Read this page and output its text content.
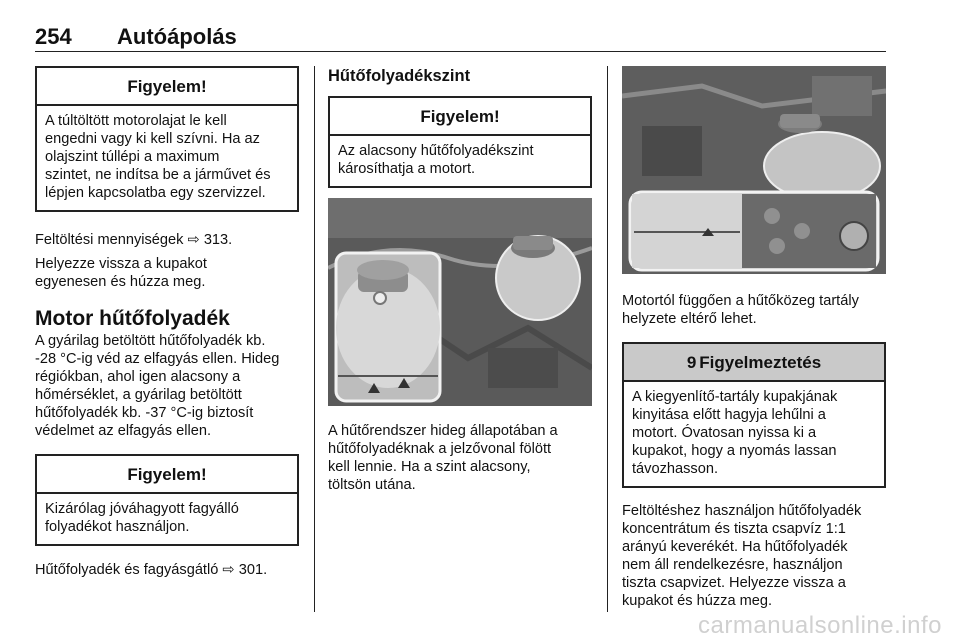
254 Autóápolás
Figyelem!
A túltöltött motorolajat le kell
engedni vagy ki kell szívni. Ha az
olajszint túllépi a maximum
szintet, ne indítsa be a járművet és
lépjen kapcsolatba egy szervizzel.

Feltöltési mennyiségek ⇨ 313.

Helyezze vissza a kupakot
egyenesen és húzza meg.
Motor hűtőfolyadék
A gyárilag betöltött hűtőfolyadék kb.
-28 °C-ig véd az elfagyás ellen. Hideg
régiókban, ahol igen alacsony a
hőmérséklet, a gyárilag betöltött
hűtőfolyadék kb. -37 °C-ig biztosít
védelmet az elfagyás ellen.
Figyelem!
Kizárólag jóváhagyott fagyálló
folyadékot használjon.

Hűtőfolyadék és fagyásgátló ⇨ 301.

Hűtőfolyadékszint
Figyelem!
Az alacsony hűtőfolyadékszint
károsíthatja a motort.
A hűtőrendszer hideg állapotában a
hűtőfolyadéknak a jelzővonal fölött
kell lennie. Ha a szint alacsony,
töltsön utána.
Motortól függően a hűtőközeg tartály
helyzete eltérő lehet.
9 Figyelmeztetés
A kiegyenlítő-tartály kupakjának
kinyitása előtt hagyja lehűlni a
motort. Óvatosan nyissa ki a
kupakot, hogy a nyomás lassan
távozhasson.
Feltöltéshez használjon hűtőfolyadék
koncentrátum és tiszta csapvíz 1:1
arányú keverékét. Ha hűtőfolyadék
nem áll rendelkezésre, használjon
tiszta csapvizet. Helyezze vissza a
kupakot és húzza meg.
carmanualsonline.info
